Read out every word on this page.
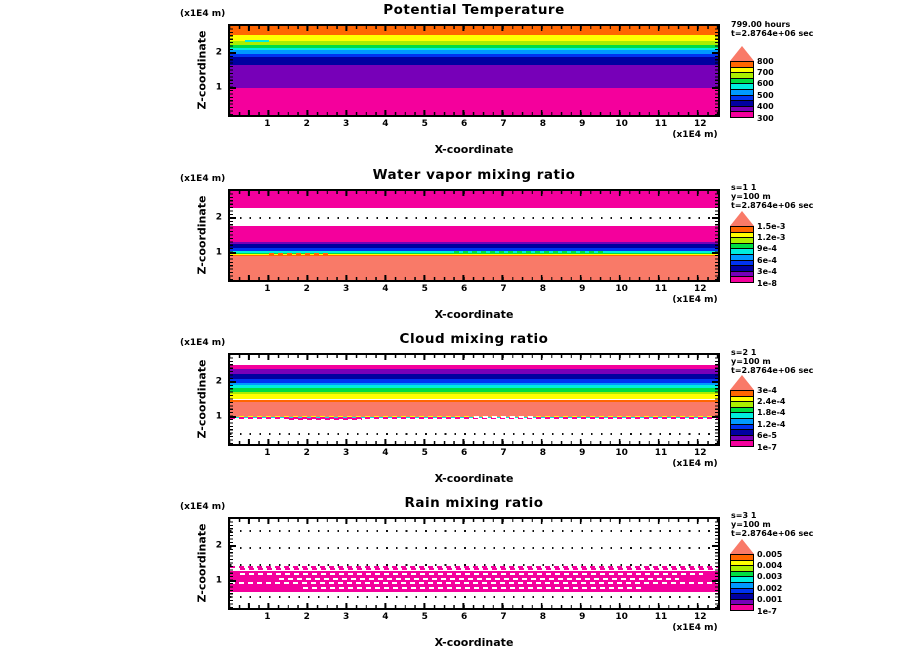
Potential Temperature
(x1E4 m)
Z-coordinate 2
1
1	2	3	4	5	6	7	8	9	10	11	12
(x1E4 m)
X-coordinate
800
700
600
500
400
300
799.00 hours
t=2.8764e+06 sec
Water vapor mixing ratio
(x1E4 m)
Z-coordinate 2
1
1	2	3	4	5	6	7	8	9	10	11	12
(x1E4 m)
X-coordinate
1.5e-3
1.2e-3
9e-4
6e-4
3e-4
1e-8
s=1 1
y=100 m
t=2.8764e+06 sec
Cloud mixing ratio
(x1E4 m)
Z-coordinate 2
1
1	2	3	4	5	6	7	8	9	10	11	12
(x1E4 m)
X-coordinate
3e-4
2.4e-4
1.8e-4
1.2e-4
6e-5
1e-7
s=2 1
y=100 m
t=2.8764e+06 sec
Rain mixing ratio
(x1E4 m)
Z-coordinate 2
1
1	2	3	4	5	6	7	8	9	10	11	12
(x1E4 m)
X-coordinate
0.005
0.004
0.003
0.002
0.001
1e-7
s=3 1
y=100 m
t=2.8764e+06 sec
